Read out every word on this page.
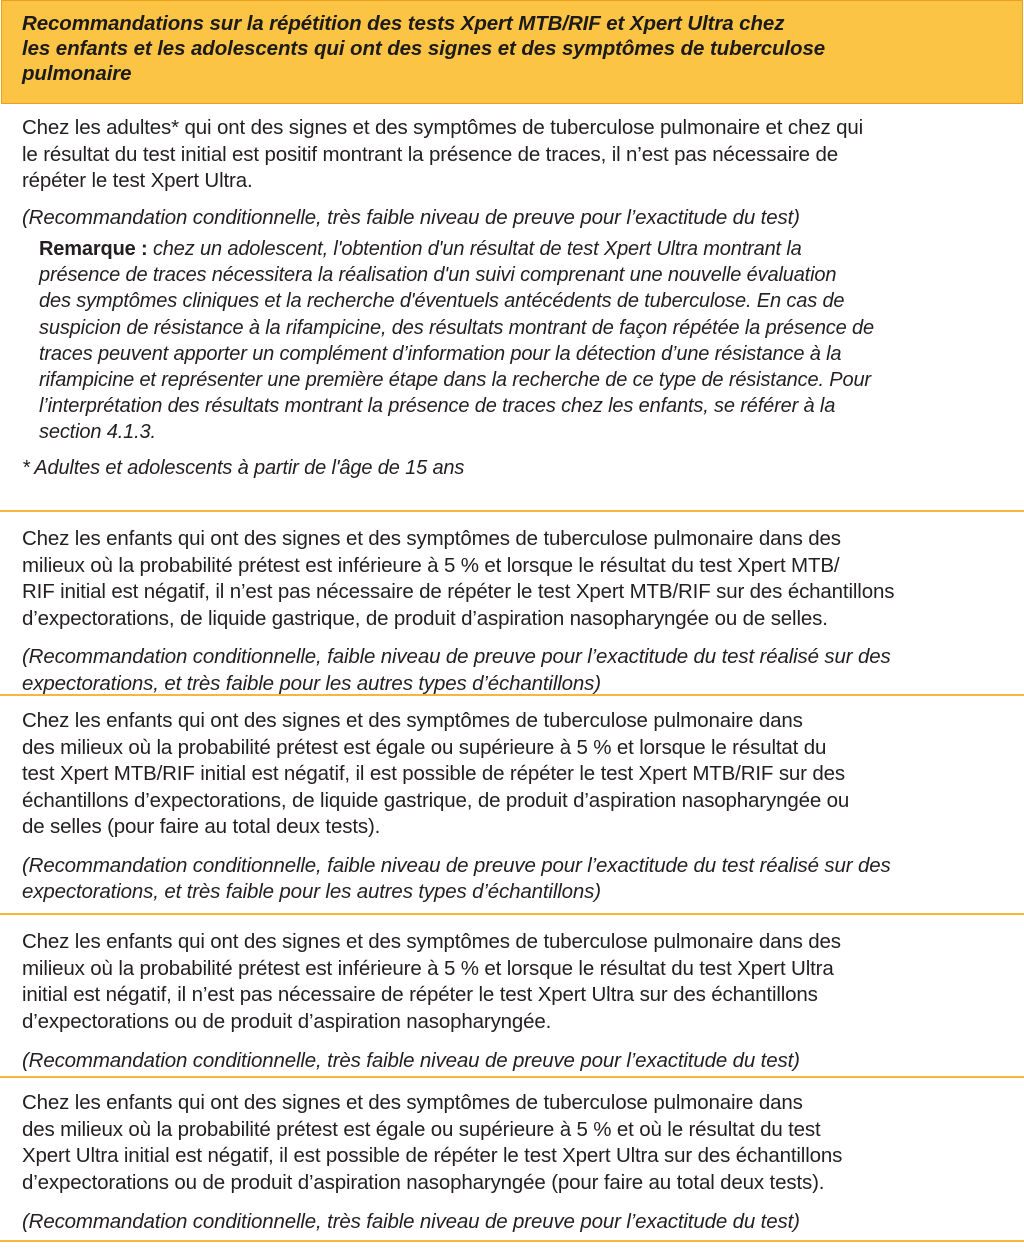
Recommandations sur la répétition des tests Xpert MTB/RIF et Xpert Ultra chez
les enfants et les adolescents qui ont des signes et des symptômes de tuberculose
pulmonaire
Chez les adultes* qui ont des signes et des symptômes de tuberculose pulmonaire et chez qui
le résultat du test initial est positif montrant la présence de traces, il n’est pas nécessaire de
répéter le test Xpert Ultra.
(Recommandation conditionnelle, très faible niveau de preuve pour l’exactitude du test)
Remarque : chez un adolescent, l'obtention d'un résultat de test Xpert Ultra montrant la
présence de traces nécessitera la réalisation d'un suivi comprenant une nouvelle évaluation
des symptômes cliniques et la recherche d'éventuels antécédents de tuberculose. En cas de
suspicion de résistance à la rifampicine, des résultats montrant de façon répétée la présence de
traces peuvent apporter un complément d’information pour la détection d’une résistance à la
rifampicine et représenter une première étape dans la recherche de ce type de résistance. Pour
l’interprétation des résultats montrant la présence de traces chez les enfants, se référer à la
section 4.1.3.
* Adultes et adolescents à partir de l'âge de 15 ans
Chez les enfants qui ont des signes et des symptômes de tuberculose pulmonaire dans des
milieux où la probabilité prétest est inférieure à 5 % et lorsque le résultat du test Xpert MTB/
RIF initial est négatif, il n’est pas nécessaire de répéter le test Xpert MTB/RIF sur des échantillons
d’expectorations, de liquide gastrique, de produit d’aspiration nasopharyngée ou de selles.
(Recommandation conditionnelle, faible niveau de preuve pour l’exactitude du test réalisé sur des
expectorations, et très faible pour les autres types d’échantillons)
Chez les enfants qui ont des signes et des symptômes de tuberculose pulmonaire dans
des milieux où la probabilité prétest est égale ou supérieure à 5 % et lorsque le résultat du
test Xpert MTB/RIF initial est négatif, il est possible de répéter le test Xpert MTB/RIF sur des
échantillons d’expectorations, de liquide gastrique, de produit d’aspiration nasopharyngée ou
de selles (pour faire au total deux tests).
(Recommandation conditionnelle, faible niveau de preuve pour l’exactitude du test réalisé sur des
expectorations, et très faible pour les autres types d’échantillons)
Chez les enfants qui ont des signes et des symptômes de tuberculose pulmonaire dans des
milieux où la probabilité prétest est inférieure à 5 % et lorsque le résultat du test Xpert Ultra
initial est négatif, il n’est pas nécessaire de répéter le test Xpert Ultra sur des échantillons
d’expectorations ou de produit d’aspiration nasopharyngée.
(Recommandation conditionnelle, très faible niveau de preuve pour l’exactitude du test)
Chez les enfants qui ont des signes et des symptômes de tuberculose pulmonaire dans
des milieux où la probabilité prétest est égale ou supérieure à 5 % et où le résultat du test
Xpert Ultra initial est négatif, il est possible de répéter le test Xpert Ultra sur des échantillons
d’expectorations ou de produit d’aspiration nasopharyngée (pour faire au total deux tests).
(Recommandation conditionnelle, très faible niveau de preuve pour l’exactitude du test)
